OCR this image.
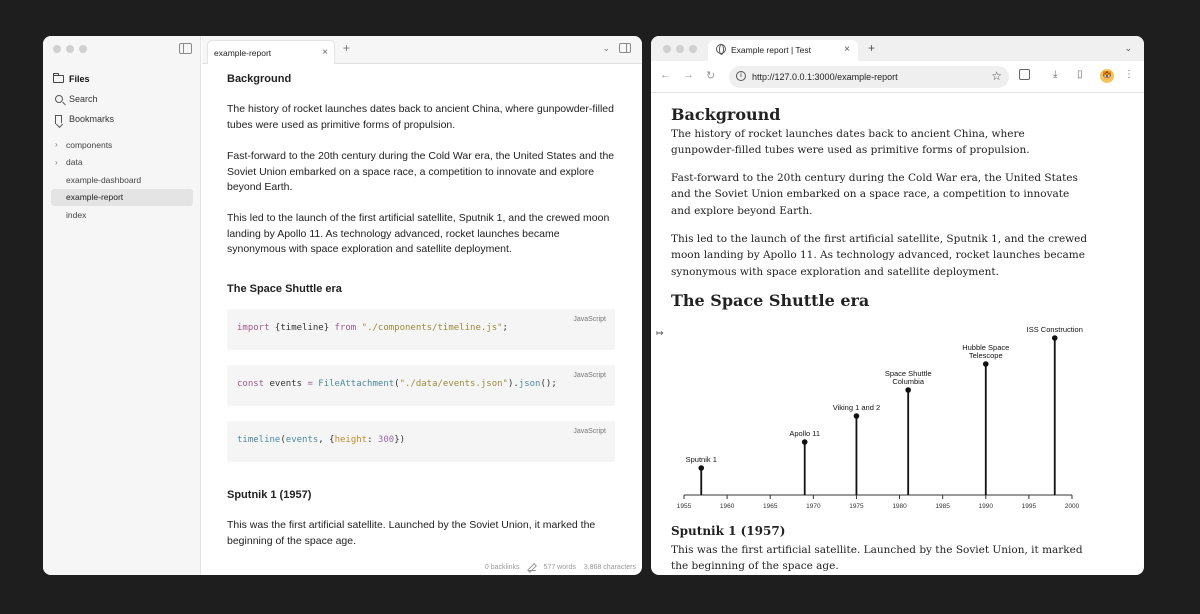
Files
Search
Bookmarks
› components
› data
example-dashboard
example-report
index
example-report	× +	⌄
Background

The history of rocket launches dates back to ancient China, where gunpowder-filled tubes were used as primitive forms of propulsion.

Fast-forward to the 20th century during the Cold War era, the United States and the Soviet Union embarked on a space race, a competition to innovate and explore beyond Earth.

This led to the launch of the first artificial satellite, Sputnik 1, and the crewed moon landing by Apollo 11. As technology advanced, rocket launches became synonymous with space exploration and satellite deployment.

The Space Shuttle era
import {timeline} from "./components/timeline.js";
JavaScript
const events = FileAttachment("./data/events.json").json();
JavaScript
timeline(events, {height: 300})
JavaScript
Sputnik 1 (1957)

This was the first artificial satellite. Launched by the Soviet Union, it marked the beginning of the space age.

0 backlinks	577 words 3,868 characters
Example report | Test	× +	⌄
← → ↻	i	http://127.0.0.1:3000/example-report	☆	⤓ ▯ 🐯 ⋮
Background

The history of rocket launches dates back to ancient China, where gunpowder-filled tubes were used as primitive forms of propulsion.

Fast-forward to the 20th century during the Cold War era, the United States and the Soviet Union embarked on a space race, a competition to innovate and explore beyond Earth.

This led to the launch of the first artificial satellite, Sputnik 1, and the crewed moon landing by Apollo 11. As technology advanced, rocket launches became synonymous with space exploration and satellite deployment.

The Space Shuttle era
Sputnik 1 (1957)

This was the first artificial satellite. Launched by the Soviet Union, it marked the beginning of the space age.

↦
1955	1960	1965	1970	1975	1980	1985	1990	1995	2000
Sputnik 1
Apollo 11
Viking 1 and 2
Space Shuttle Columbia
Hubble Space Telescope
ISS Construction
